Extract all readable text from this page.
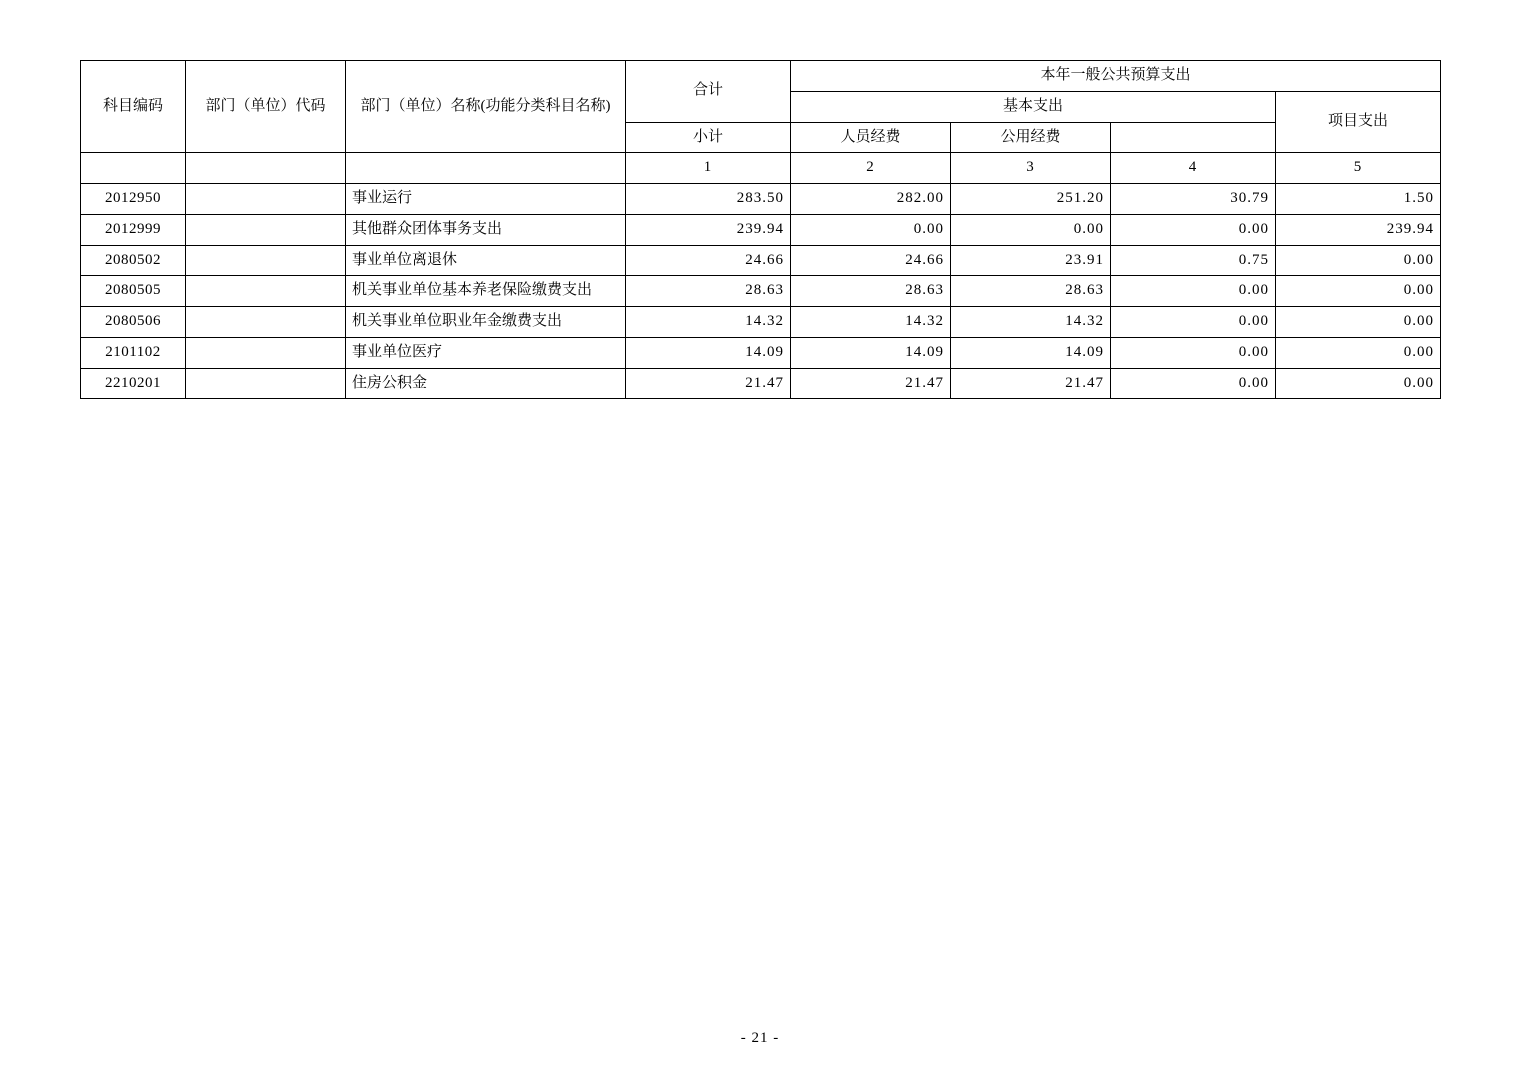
科目编码	部门（单位）代码	部门（单位）名称(功能分类科目名称)	合计	本年一般公共预算支出			
				基本支出			项目支出
			小计	人员经费	公用经费		
			1	2	3	4	5
2012950		事业运行	283.50	282.00	251.20	30.79	1.50
2012999		其他群众团体事务支出	239.94	0.00	0.00	0.00	239.94
2080502		事业单位离退休	24.66	24.66	23.91	0.75	0.00
2080505		机关事业单位基本养老保险缴费支出	28.63	28.63	28.63	0.00	0.00
2080506		机关事业单位职业年金缴费支出	14.32	14.32	14.32	0.00	0.00
2101102		事业单位医疗	14.09	14.09	14.09	0.00	0.00
2210201		住房公积金	21.47	21.47	21.47	0.00	0.00
- 21 -
